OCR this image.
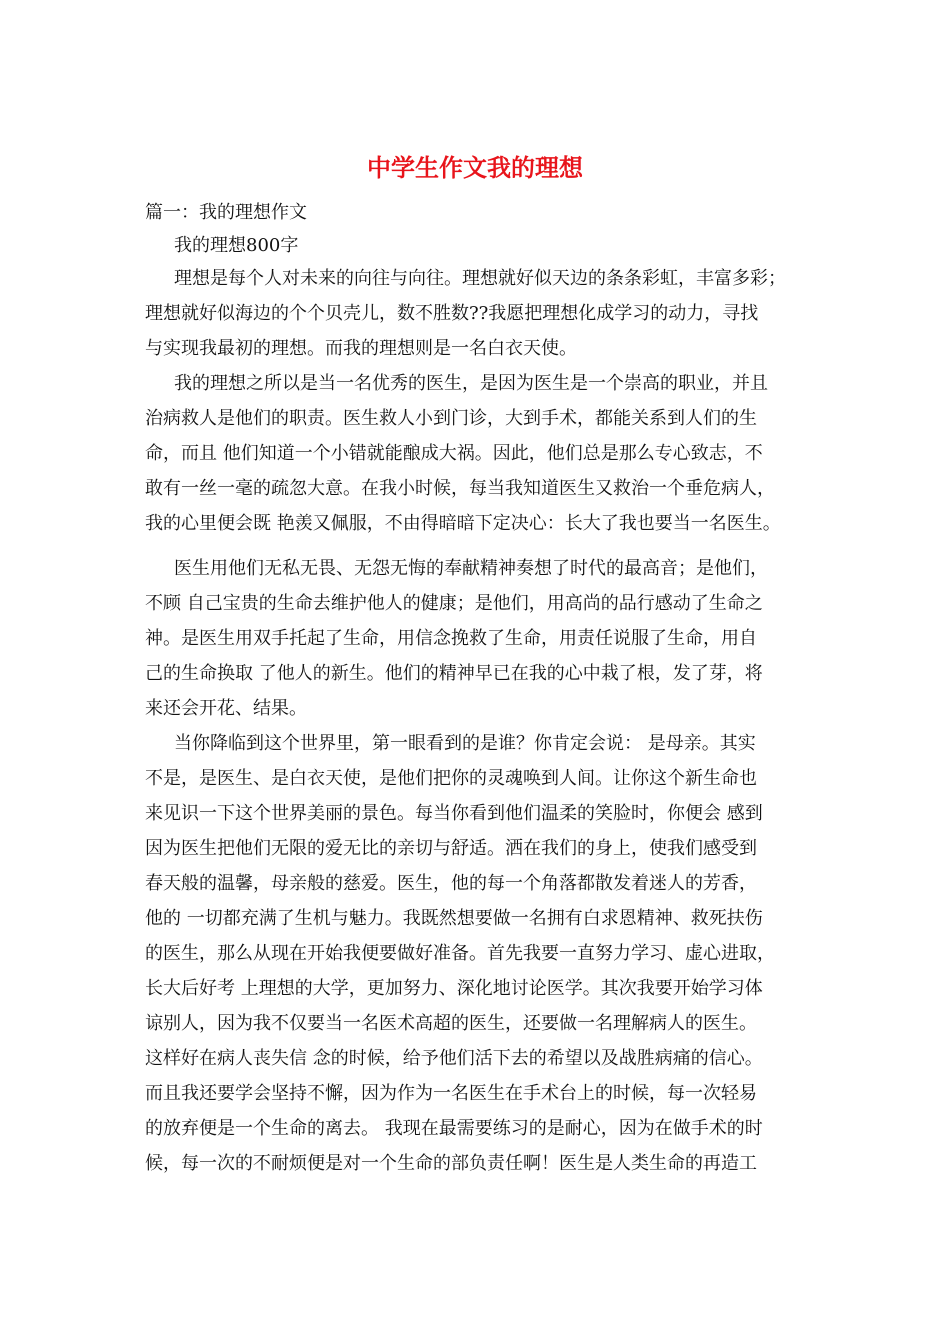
中学生作文我的理想
篇一：我的理想作文
我的理想800字
理想是每个人对未来的向往与向往。理想就好似天边的条条彩虹，丰富多彩；
理想就好似海边的个个贝壳儿，数不胜数??我愿把理想化成学习的动力，寻找
与实现我最初的理想。而我的理想则是一名白衣天使。
我的理想之所以是当一名优秀的医生，是因为医生是一个崇高的职业，并且
治病救人是他们的职责。医生救人小到门诊，大到手术，都能关系到人们的生
命，而且 他们知道一个小错就能酿成大祸。因此，他们总是那么专心致志，不
敢有一丝一毫的疏忽大意。在我小时候，每当我知道医生又救治一个垂危病人，
我的心里便会既 艳羡又佩服，不由得暗暗下定决心：长大了我也要当一名医生。
医生用他们无私无畏、无怨无悔的奉献精神奏想了时代的最高音；是他们，
不顾 自己宝贵的生命去维护他人的健康；是他们，用高尚的品行感动了生命之
神。是医生用双手托起了生命，用信念挽救了生命，用责任说服了生命，用自
己的生命换取 了他人的新生。他们的精神早已在我的心中栽了根，发了芽，将
来还会开花、结果。
当你降临到这个世界里，第一眼看到的是谁？你肯定会说： 是母亲。其实
不是，是医生、是白衣天使，是他们把你的灵魂唤到人间。让你这个新生命也
来见识一下这个世界美丽的景色。每当你看到他们温柔的笑脸时，你便会 感到
因为医生把他们无限的爱无比的亲切与舒适。洒在我们的身上，使我们感受到
春天般的温馨，母亲般的慈爱。医生，他的每一个角落都散发着迷人的芳香，
他的 一切都充满了生机与魅力。我既然想要做一名拥有白求恩精神、救死扶伤
的医生，那么从现在开始我便要做好准备。首先我要一直努力学习、虚心进取，
长大后好考 上理想的大学，更加努力、深化地讨论医学。其次我要开始学习体
谅别人，因为我不仅要当一名医术高超的医生，还要做一名理解病人的医生。
这样好在病人丧失信 念的时候，给予他们活下去的希望以及战胜病痛的信心。
而且我还要学会坚持不懈，因为作为一名医生在手术台上的时候，每一次轻易
的放弃便是一个生命的离去。 我现在最需要练习的是耐心，因为在做手术的时
候，每一次的不耐烦便是对一个生命的部负责任啊！医生是人类生命的再造工
